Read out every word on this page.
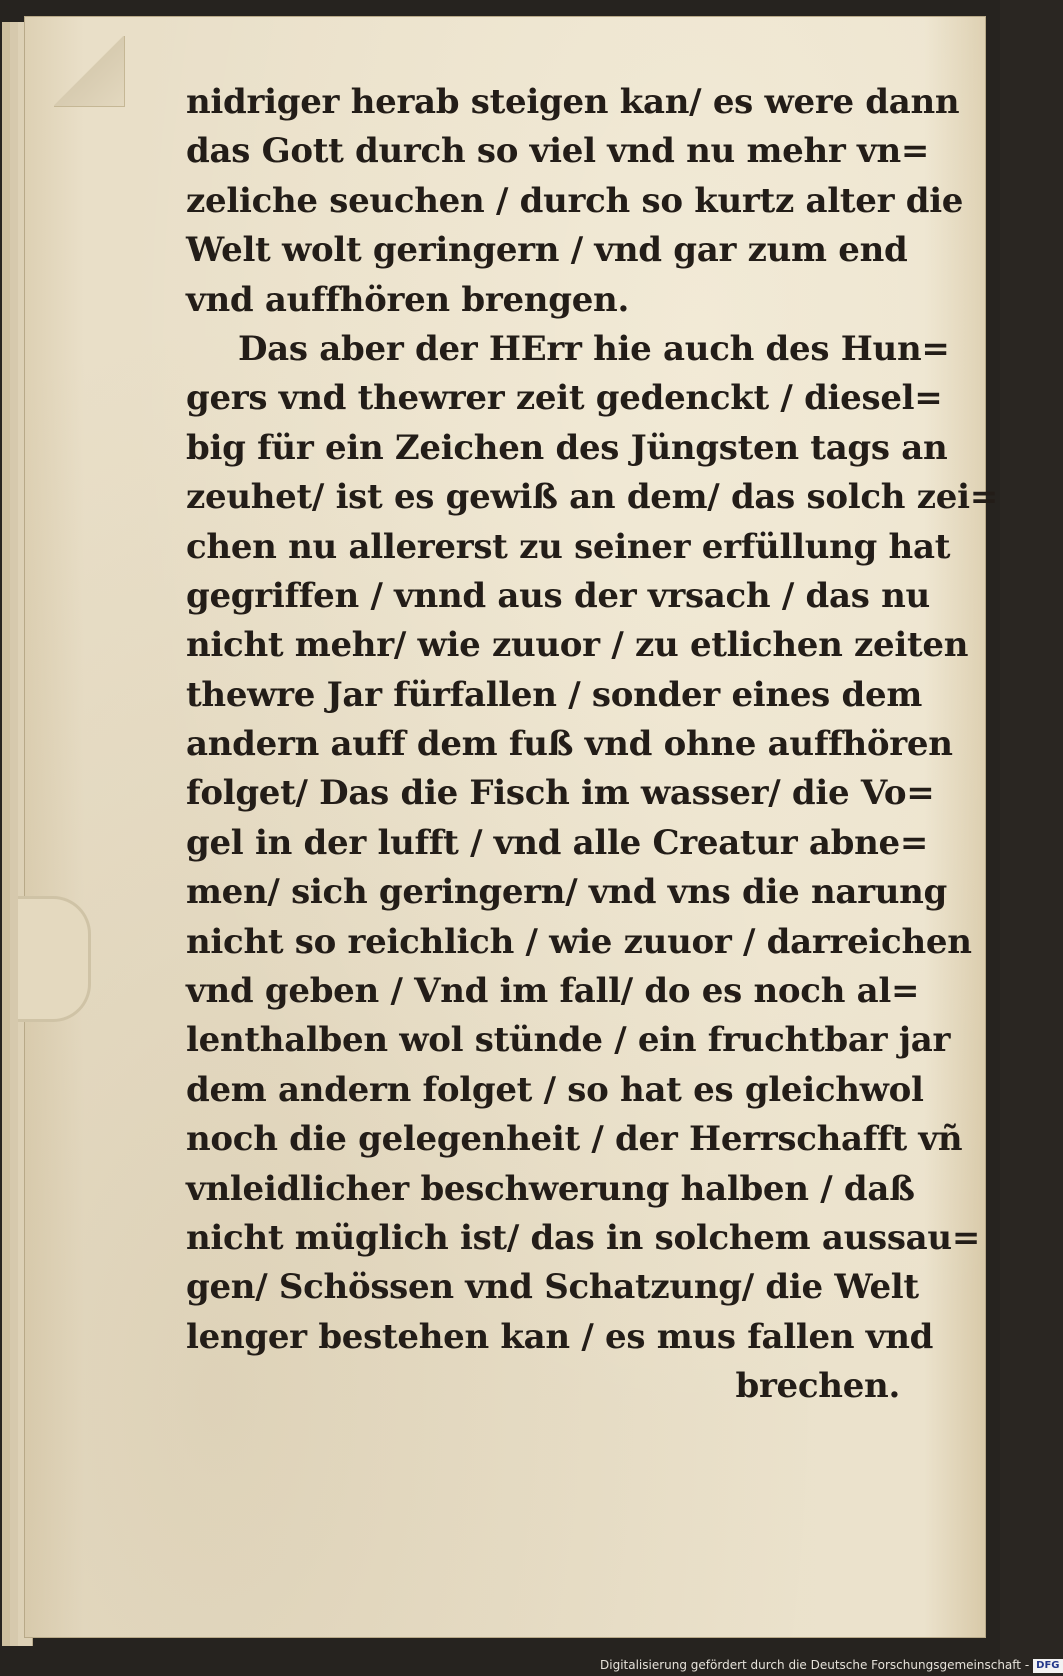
nidriger herab steigen kan/ es were dann
das Gott durch so viel vnd nu mehr vn=
zeliche seuchen / durch so kurtz alter die
Welt wolt geringern / vnd gar zum end
vnd auffhören brengen.
Das aber der HErr hie auch des Hun=
gers vnd thewrer zeit gedenckt / diesel=
big für ein Zeichen des Jüngsten tags an
zeuhet/ ist es gewiß an dem/ das solch zei=
chen nu allererst zu seiner erfüllung hat
gegriffen / vnnd aus der vrsach / das nu
nicht mehr/ wie zuuor / zu etlichen zeiten
thewre Jar fürfallen / sonder eines dem
andern auff dem fuß vnd ohne auffhören
folget/ Das die Fisch im wasser/ die Vo=
gel in der lufft / vnd alle Creatur abne=
men/ sich geringern/ vnd vns die narung
nicht so reichlich / wie zuuor / darreichen
vnd geben / Vnd im fall/ do es noch al=
lenthalben wol stünde / ein fruchtbar jar
dem andern folget / so hat es gleichwol
noch die gelegenheit / der Herrschafft vñ
vnleidlicher beschwerung halben / daß
nicht müglich ist/ das in solchem aussau=
gen/ Schössen vnd Schatzung/ die Welt
lenger bestehen kan / es mus fallen vnd
brechen.
Digitalisierung gefördert durch die Deutsche Forschungsgemeinschaft - DFG
